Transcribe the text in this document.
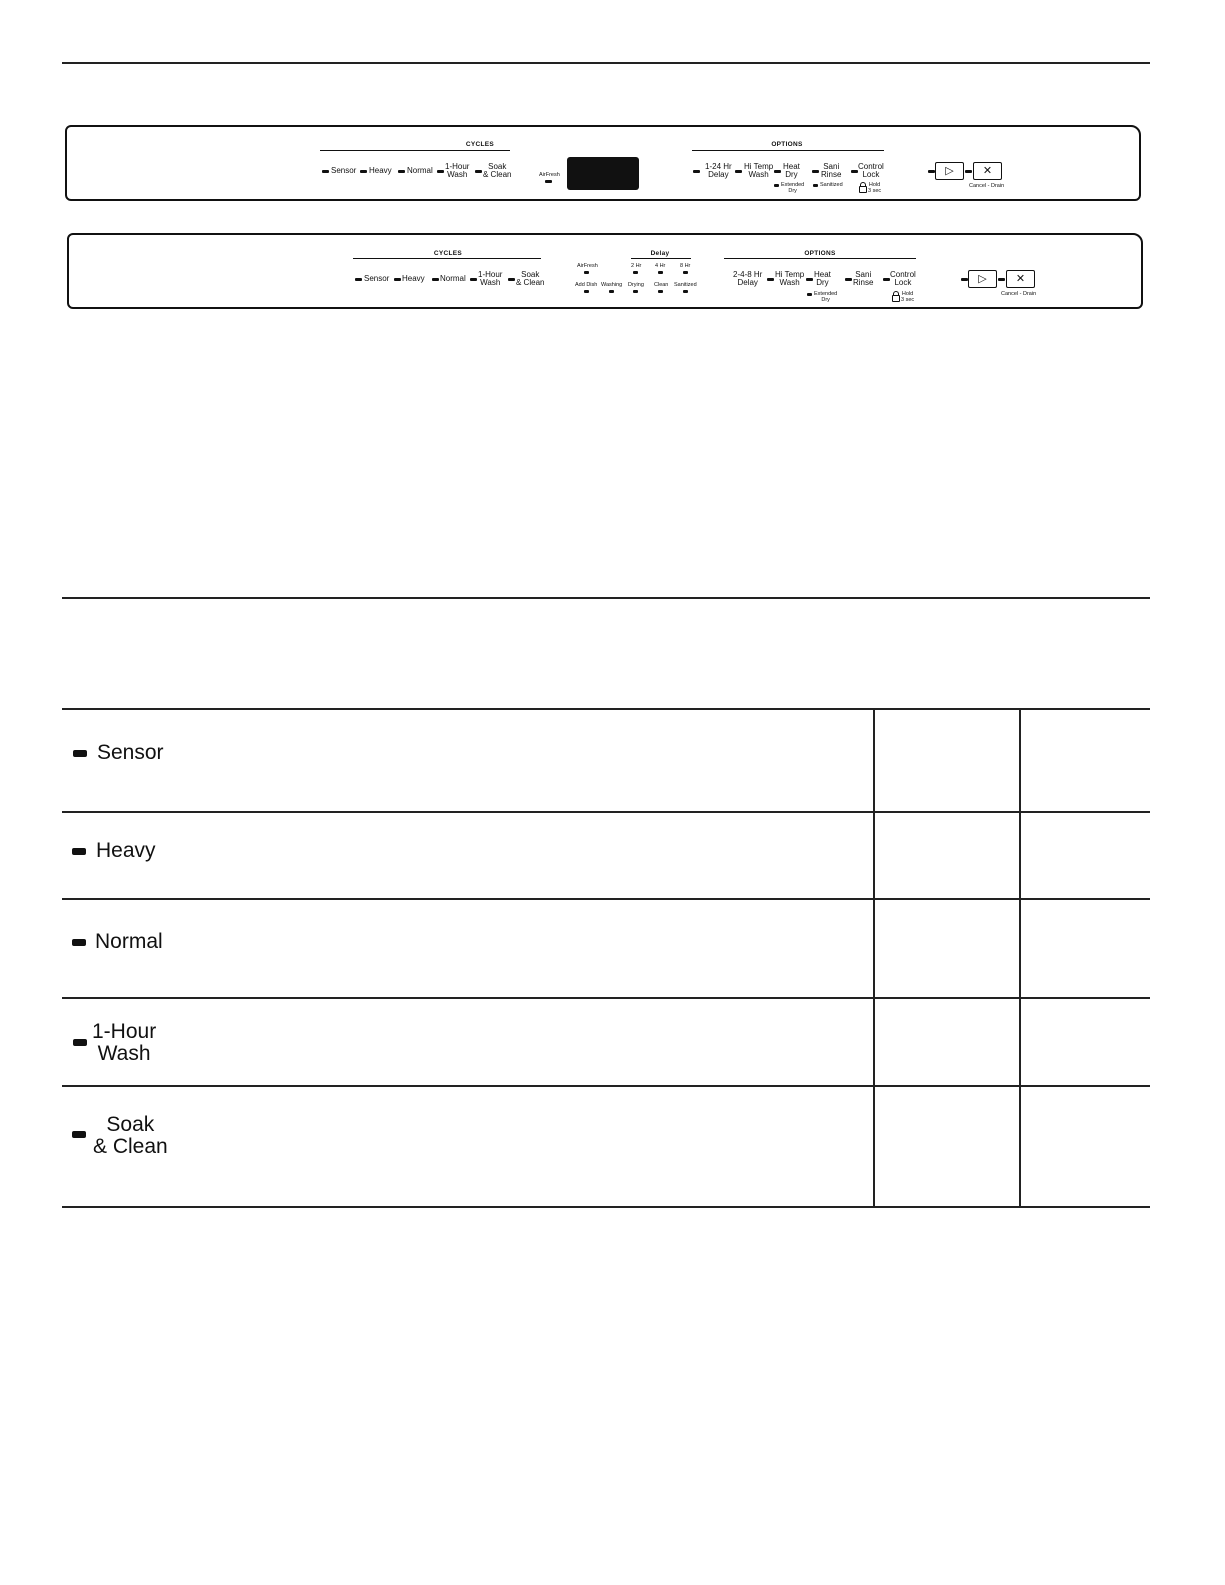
CYCLES
Sensor Heavy Normal 1-Hour
Wash
Soak
& Clean	AirFresh
OPTIONS
1-24 Hr
Delay
Hi Temp
Wash
Heat
Dry
Sani
Rinse
Control
Lock
Extended
Dry
Sanitized	Hold
3 sec
▷	✕
Cancel - Drain
CYCLES
Sensor Heavy Normal 1-Hour
Wash
Soak
& Clean
Delay
AirFresh	2 Hr 4 Hr	8 Hr
Add Dish Washing Drying Clean Sanitized
OPTIONS
2-4-8 Hr
Delay
Hi Temp
Wash
Heat
Dry
Sani
Rinse
Control
Lock
Extended
Dry
Hold
3 sec
▷	✕
Cancel - Drain
Sensor
Heavy
Normal
1-Hour
Wash
Soak
& Clean
